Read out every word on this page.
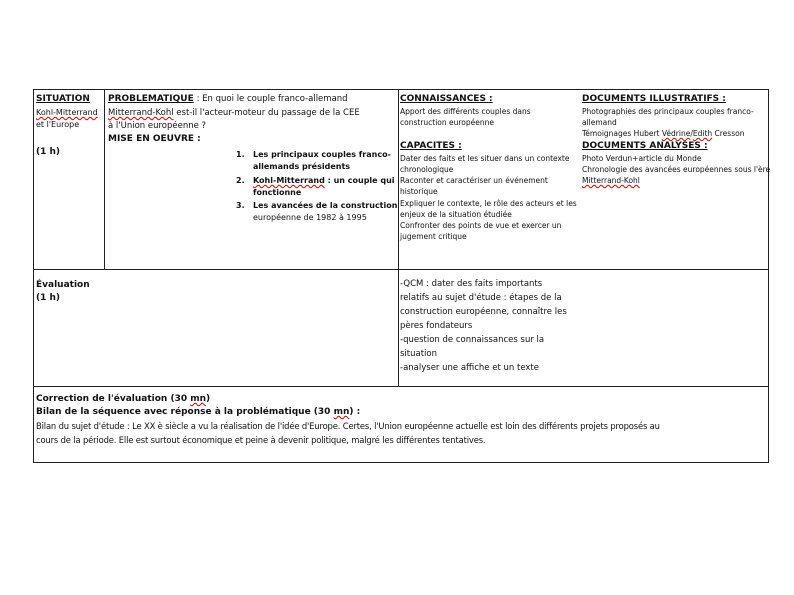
SITUATION
Kohl-Mitterrand
et l'Europe
(1 h)
PROBLEMATIQUE : En quoi le couple franco-allemand
Mitterrand-Kohl est-il l'acteur-moteur du passage de la CEE
à l'Union européenne ?
MISE EN OEUVRE :
1. Les principaux couples franco-
allemands présidents
2. Kohl-Mitterrand : un couple qui
fonctionne
3. Les avancées de la construction
européenne de 1982 à 1995
CONNAISSANCES :
Apport des différents couples dans
construction européenne
CAPACITES :
Dater des faits et les situer dans un contexte
chronologique
Raconter et caractériser un événement
historique
Expliquer le contexte, le rôle des acteurs et les
enjeux de la situation étudiée
Confronter des points de vue et exercer un
jugement critique
DOCUMENTS ILLUSTRATIFS :
Photographies des principaux couples franco-
allemand
Témoignages Hubert Védrine/Edith Cresson
DOCUMENTS ANALYSES :
Photo Verdun+article du Monde
Chronologie des avancées européennes sous l'ère
Mitterrand-Kohl
Évaluation
(1 h)
-QCM : dater des faits importants
relatifs au sujet d'étude : étapes de la
construction européenne, connaître les
pères fondateurs
-question de connaissances sur la
situation
-analyser une affiche et un texte
Correction de l'évaluation (30 mn)
Bilan de la séquence avec réponse à la problématique (30 mn) :
Bilan du sujet d'étude : Le XX è siècle a vu la réalisation de l'idée d'Europe. Certes, l'Union européenne actuelle est loin des différents projets proposés au
cours de la période. Elle est surtout économique et peine à devenir politique, malgré les différentes tentatives.
